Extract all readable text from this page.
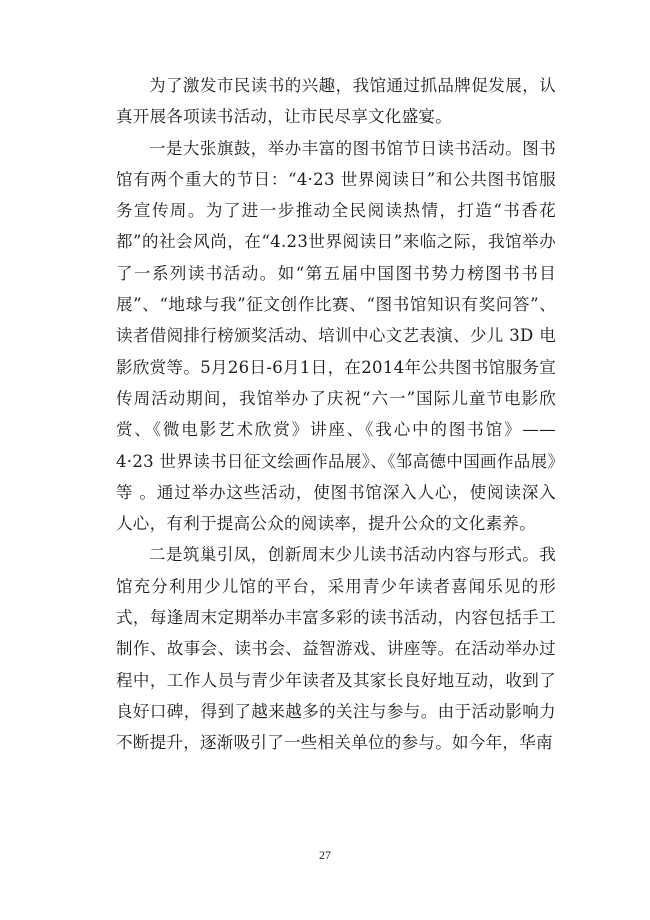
为了激发市民读书的兴趣，我馆通过抓品牌促发展，认真开展各项读书活动，让市民尽享文化盛宴。

一是大张旗鼓，举办丰富的图书馆节日读书活动。图书馆有两个重大的节日：“4·23 世界阅读日”和公共图书馆服务宣传周。为了进一步推动全民阅读热情，打造“书香花都”的社会风尚，在“4.23世界阅读日”来临之际，我馆举办了一系列读书活动。如“第五届中国图书势力榜图书书目展”、“地球与我”征文创作比赛、“图书馆知识有奖问答”、读者借阅排行榜颁奖活动、培训中心文艺表演、少儿 3D 电影欣赏等。5月26日-6月1日，在2014年公共图书馆服务宣传周活动期间，我馆举办了庆祝“六一”国际儿童节电影欣赏、《微电影艺术欣赏》讲座、《我心中的图书馆》——4·23 世界读书日征文绘画作品展》、《邹高德中国画作品展》等 。通过举办这些活动，使图书馆深入人心，使阅读深入人心，有利于提高公众的阅读率，提升公众的文化素养。

二是筑巢引凤，创新周末少儿读书活动内容与形式。我馆充分利用少儿馆的平台，采用青少年读者喜闻乐见的形式，每逢周末定期举办丰富多彩的读书活动，内容包括手工制作、故事会、读书会、益智游戏、讲座等。在活动举办过程中，工作人员与青少年读者及其家长良好地互动，收到了良好口碑，得到了越来越多的关注与参与。由于活动影响力不断提升，逐渐吸引了一些相关单位的参与。如今年，华南

27
